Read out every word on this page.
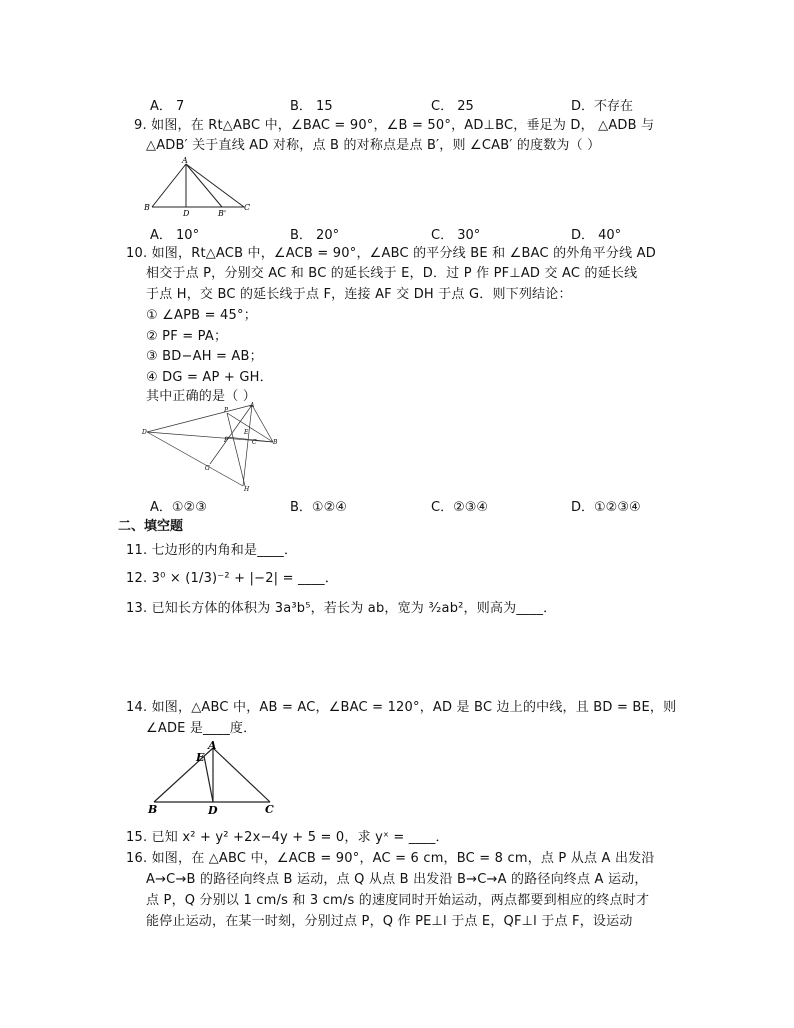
A． 7	B． 15	C． 25	D．不存在
9. 如图，在 Rt△ABC 中，∠BAC = 90°，∠B = 50°，AD⊥BC，垂足为 D， △ADB 与
△ADB′ 关于直线 AD 对称，点 B 的对称点是点 B′，则 ∠CAB′ 的度数为（ ）
A
B
D	B'
C
A． 10°	B． 20°	C． 30°	D． 40°
10. 如图，Rt△ACB 中，∠ACB = 90°，∠ABC 的平分线 BE 和 ∠BAC 的外角平分线 AD
相交于点 P，分别交 AC 和 BC 的延长线于 E，D．过 P 作 PF⊥AD 交 AC 的延长线
于点 H，交 BC 的延长线于点 F，连接 AF 交 DH 于点 G．则下列结论：
① ∠APB = 45°；
② PF = PA；
③ BD−AH = AB；
④ DG = AP + GH．
其中正确的是（ ）
P
A
D	E
F	C	B
G
H
A．①②③	B．①②④	C．②③④	D．①②③④
二、填空题
11. 七边形的内角和是____．
12. 3⁰ × (1/3)⁻² + |−2| = ____．
13. 已知长方体的体积为 3a³b⁵，若长为 ab，宽为 ³⁄₂ab²，则高为____．
14. 如图，△ABC 中，AB = AC，∠BAC = 120°，AD 是 BC 边上的中线，且 BD = BE，则
∠ADE 是____度．
E
A
B	D	C
15. 已知 x² + y² +2x−4y + 5 = 0，求 yˣ = ____．
16. 如图，在 △ABC 中，∠ACB = 90°，AC = 6 cm，BC = 8 cm，点 P 从点 A 出发沿
A→C→B 的路径向终点 B 运动，点 Q 从点 B 出发沿 B→C→A 的路径向终点 A 运动，
点 P，Q 分别以 1 cm/s 和 3 cm/s 的速度同时开始运动，两点都要到相应的终点时才
能停止运动，在某一时刻，分别过点 P，Q 作 PE⊥l 于点 E，QF⊥l 于点 F，设运动
